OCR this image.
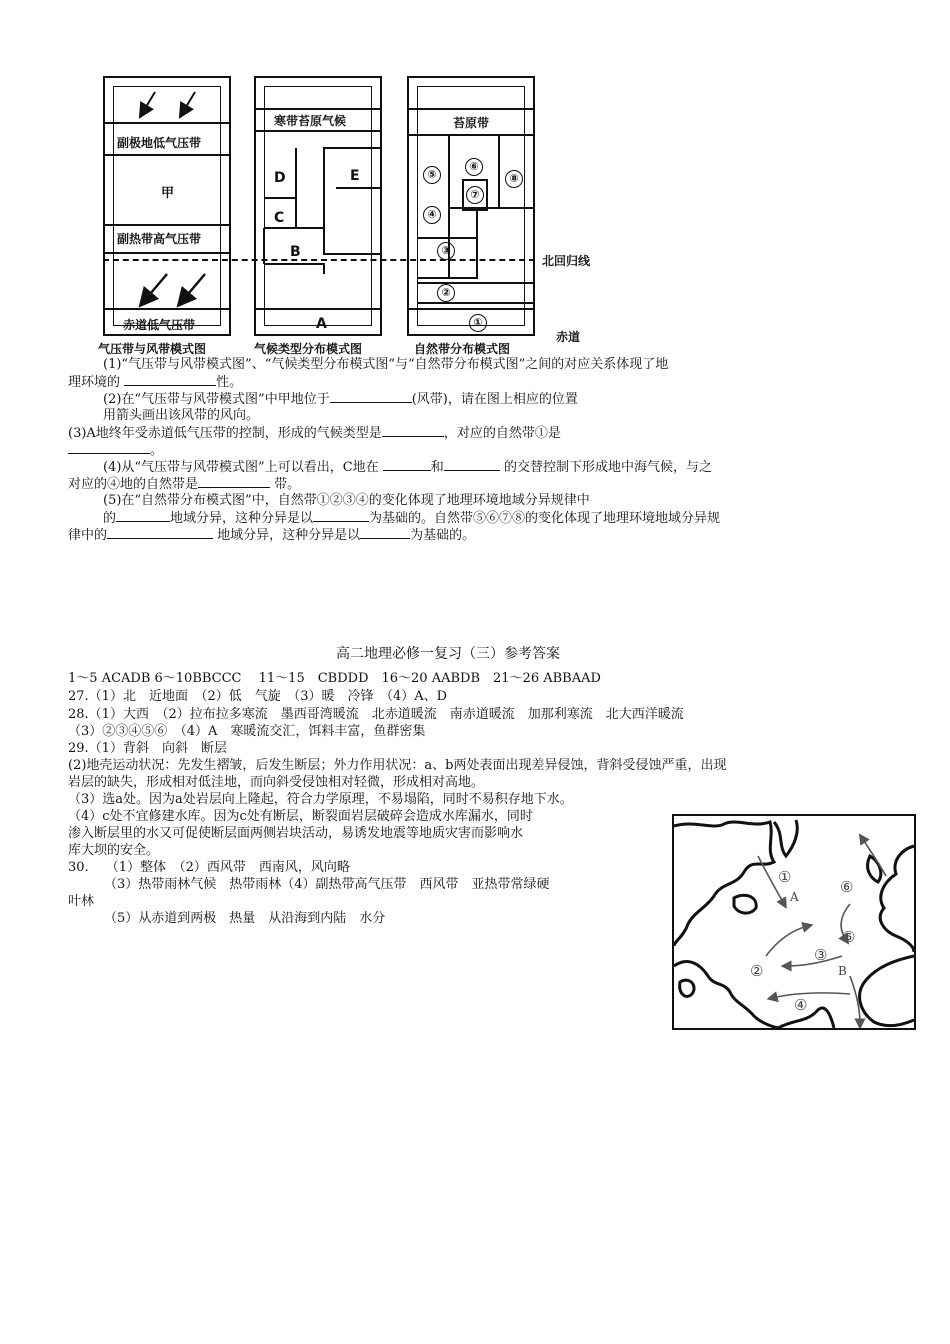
副极地低气压带
甲
副热带高气压带
赤道低气压带
气压带与风带模式图
寒带苔原气候
D	E
C
B
A
气候类型分布模式图
苔原带
⑤
⑥
⑦
⑧
④
③
②
①
自然带分布模式图
北回归线
赤道
(1)“气压带与风带模式图”、“气候类型分布模式图”与“自然带分布模式图”之间的对应关系体现了地
理环境的	性。
(2)在“气压带与风带模式图”中甲地位于	(风带)，请在图上相应的位置
用箭头画出该风带的风向。
(3)A地终年受赤道低气压带的控制，形成的气候类型是	，对应的自然带①是
。
(4)从“气压带与风带模式图”上可以看出，C地在	和	的交替控制下形成地中海气候，与之
对应的④地的自然带是	带。
(5)在“自然带分布模式图”中，自然带①②③④的变化体现了地理环境地域分异规律中
的	地域分异，这种分异是以	为基础的。自然带⑤⑥⑦⑧的变化体现了地理环境地域分异规
律中的	地域分异，这种分异是以	为基础的。
高二地理必修一复习（三）参考答案
1～5 ACADB 6～10BBCCC　 11～15　CBDDD　16～20 AABDB　21～26 ABBAAD
27.（1）北　近地面　（2）低　气旋　（3）暖　冷锋　（4）A、D
28.（1）大西　（2）拉布拉多寒流　墨西哥湾暖流　北赤道暖流　南赤道暖流　加那利寒流　北大西洋暖流
（3）②③④⑤⑥　（4）A　寒暖流交汇，饵料丰富，鱼群密集
29.（1）背斜　向斜　断层
(2)地壳运动状况：先发生褶皱，后发生断层；外力作用状况：a、b两处表面出现差异侵蚀，背斜受侵蚀严重，出现
岩层的缺失，形成相对低洼地，而向斜受侵蚀相对轻微，形成相对高地。
（3）选a处。因为a处岩层向上隆起，符合力学原理，不易塌陷，同时不易积存地下水。
（4）c处不宜修建水库。因为c处有断层，断裂面岩层破碎会造成水库漏水，同时
渗入断层里的水又可促使断层面两侧岩块活动，易诱发地震等地质灾害而影响水
库大坝的安全。
30.　 （1）整体　（2）西风带　西南风，风向略
（3）热带雨林气候　热带雨林（4）副热带高气压带　西风带　亚热带常绿硬
叶林
（5）从赤道到两极　热量　从沿海到内陆　水分
①
A
⑥
⑤
③
B
②
④
